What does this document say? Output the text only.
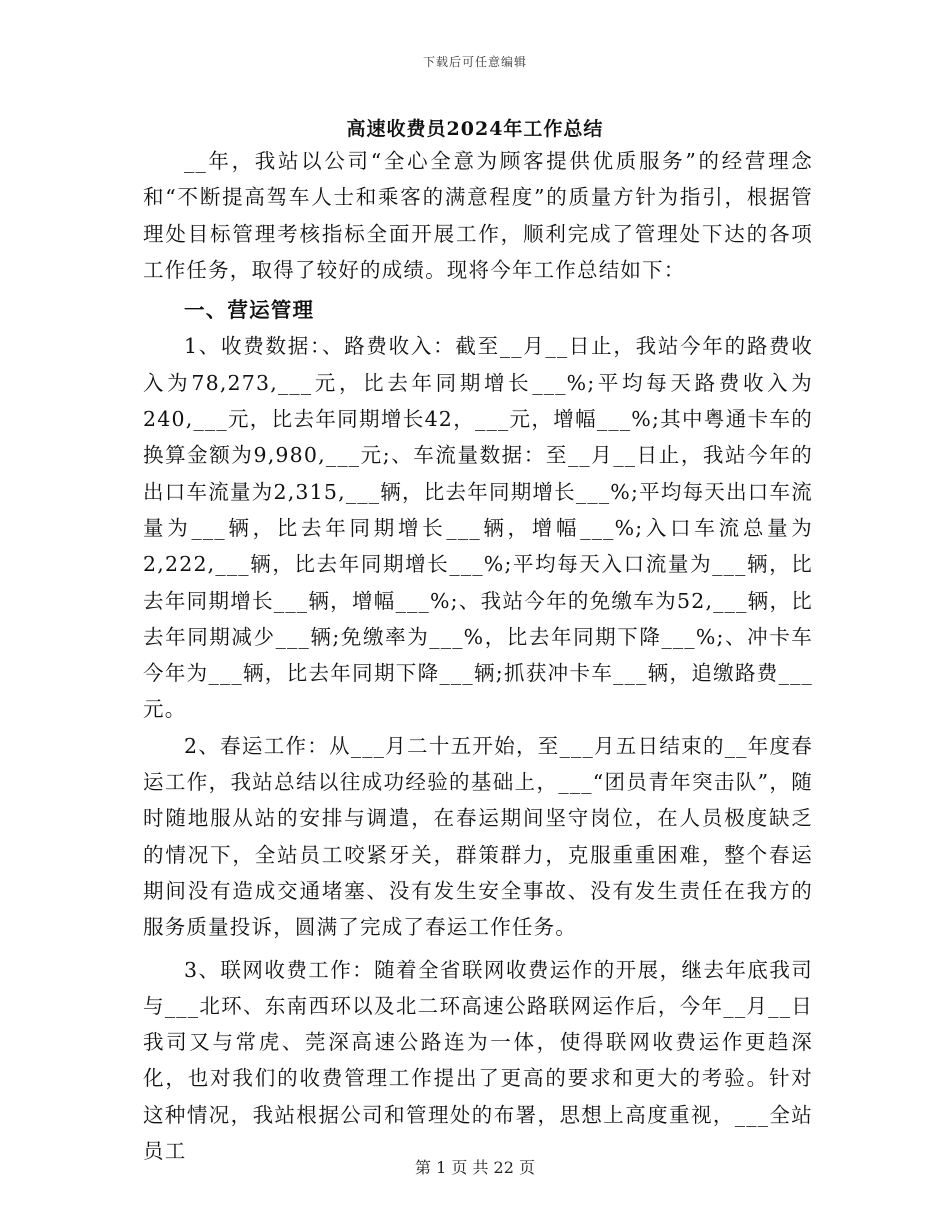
下载后可任意编辑
高速收费员2024年工作总结

__年，我站以公司“全心全意为顾客提供优质服务”的经营理念和“不断提高驾车人士和乘客的满意程度”的质量方针为指引，根据管理处目标管理考核指标全面开展工作，顺利完成了管理处下达的各项工作任务，取得了较好的成绩。现将今年工作总结如下：

一、营运管理

1、收费数据：、路费收入：截至__月__日止，我站今年的路费收入为78,273,___元，比去年同期增长___%;平均每天路费收入为240,___元，比去年同期增长42，___元，增幅___%;其中粤通卡车的换算金额为9,980,___元;、车流量数据：至__月__日止，我站今年的出口车流量为2,315,___辆，比去年同期增长___%;平均每天出口车流量为___辆，比去年同期增长___辆，增幅___%;入口车流总量为2,222,___辆，比去年同期增长___%;平均每天入口流量为___辆，比去年同期增长___辆，增幅___%;、我站今年的免缴车为52,___辆，比去年同期减少___辆;免缴率为___%，比去年同期下降___%;、冲卡车今年为___辆，比去年同期下降___辆;抓获冲卡车___辆，追缴路费___元。

2、春运工作：从___月二十五开始，至___月五日结束的__年度春运工作，我站总结以往成功经验的基础上，___“团员青年突击队”，随时随地服从站的安排与调遣，在春运期间坚守岗位，在人员极度缺乏的情况下，全站员工咬紧牙关，群策群力，克服重重困难，整个春运期间没有造成交通堵塞、没有发生安全事故、没有发生责任在我方的服务质量投诉，圆满了完成了春运工作任务。

3、联网收费工作：随着全省联网收费运作的开展，继去年底我司与___北环、东南西环以及北二环高速公路联网运作后，今年__月__日我司又与常虎、莞深高速公路连为一体，使得联网收费运作更趋深化，也对我们的收费管理工作提出了更高的要求和更大的考验。针对这种情况，我站根据公司和管理处的布署，思想上高度重视，___全站员工

第 1 页 共 22 页
